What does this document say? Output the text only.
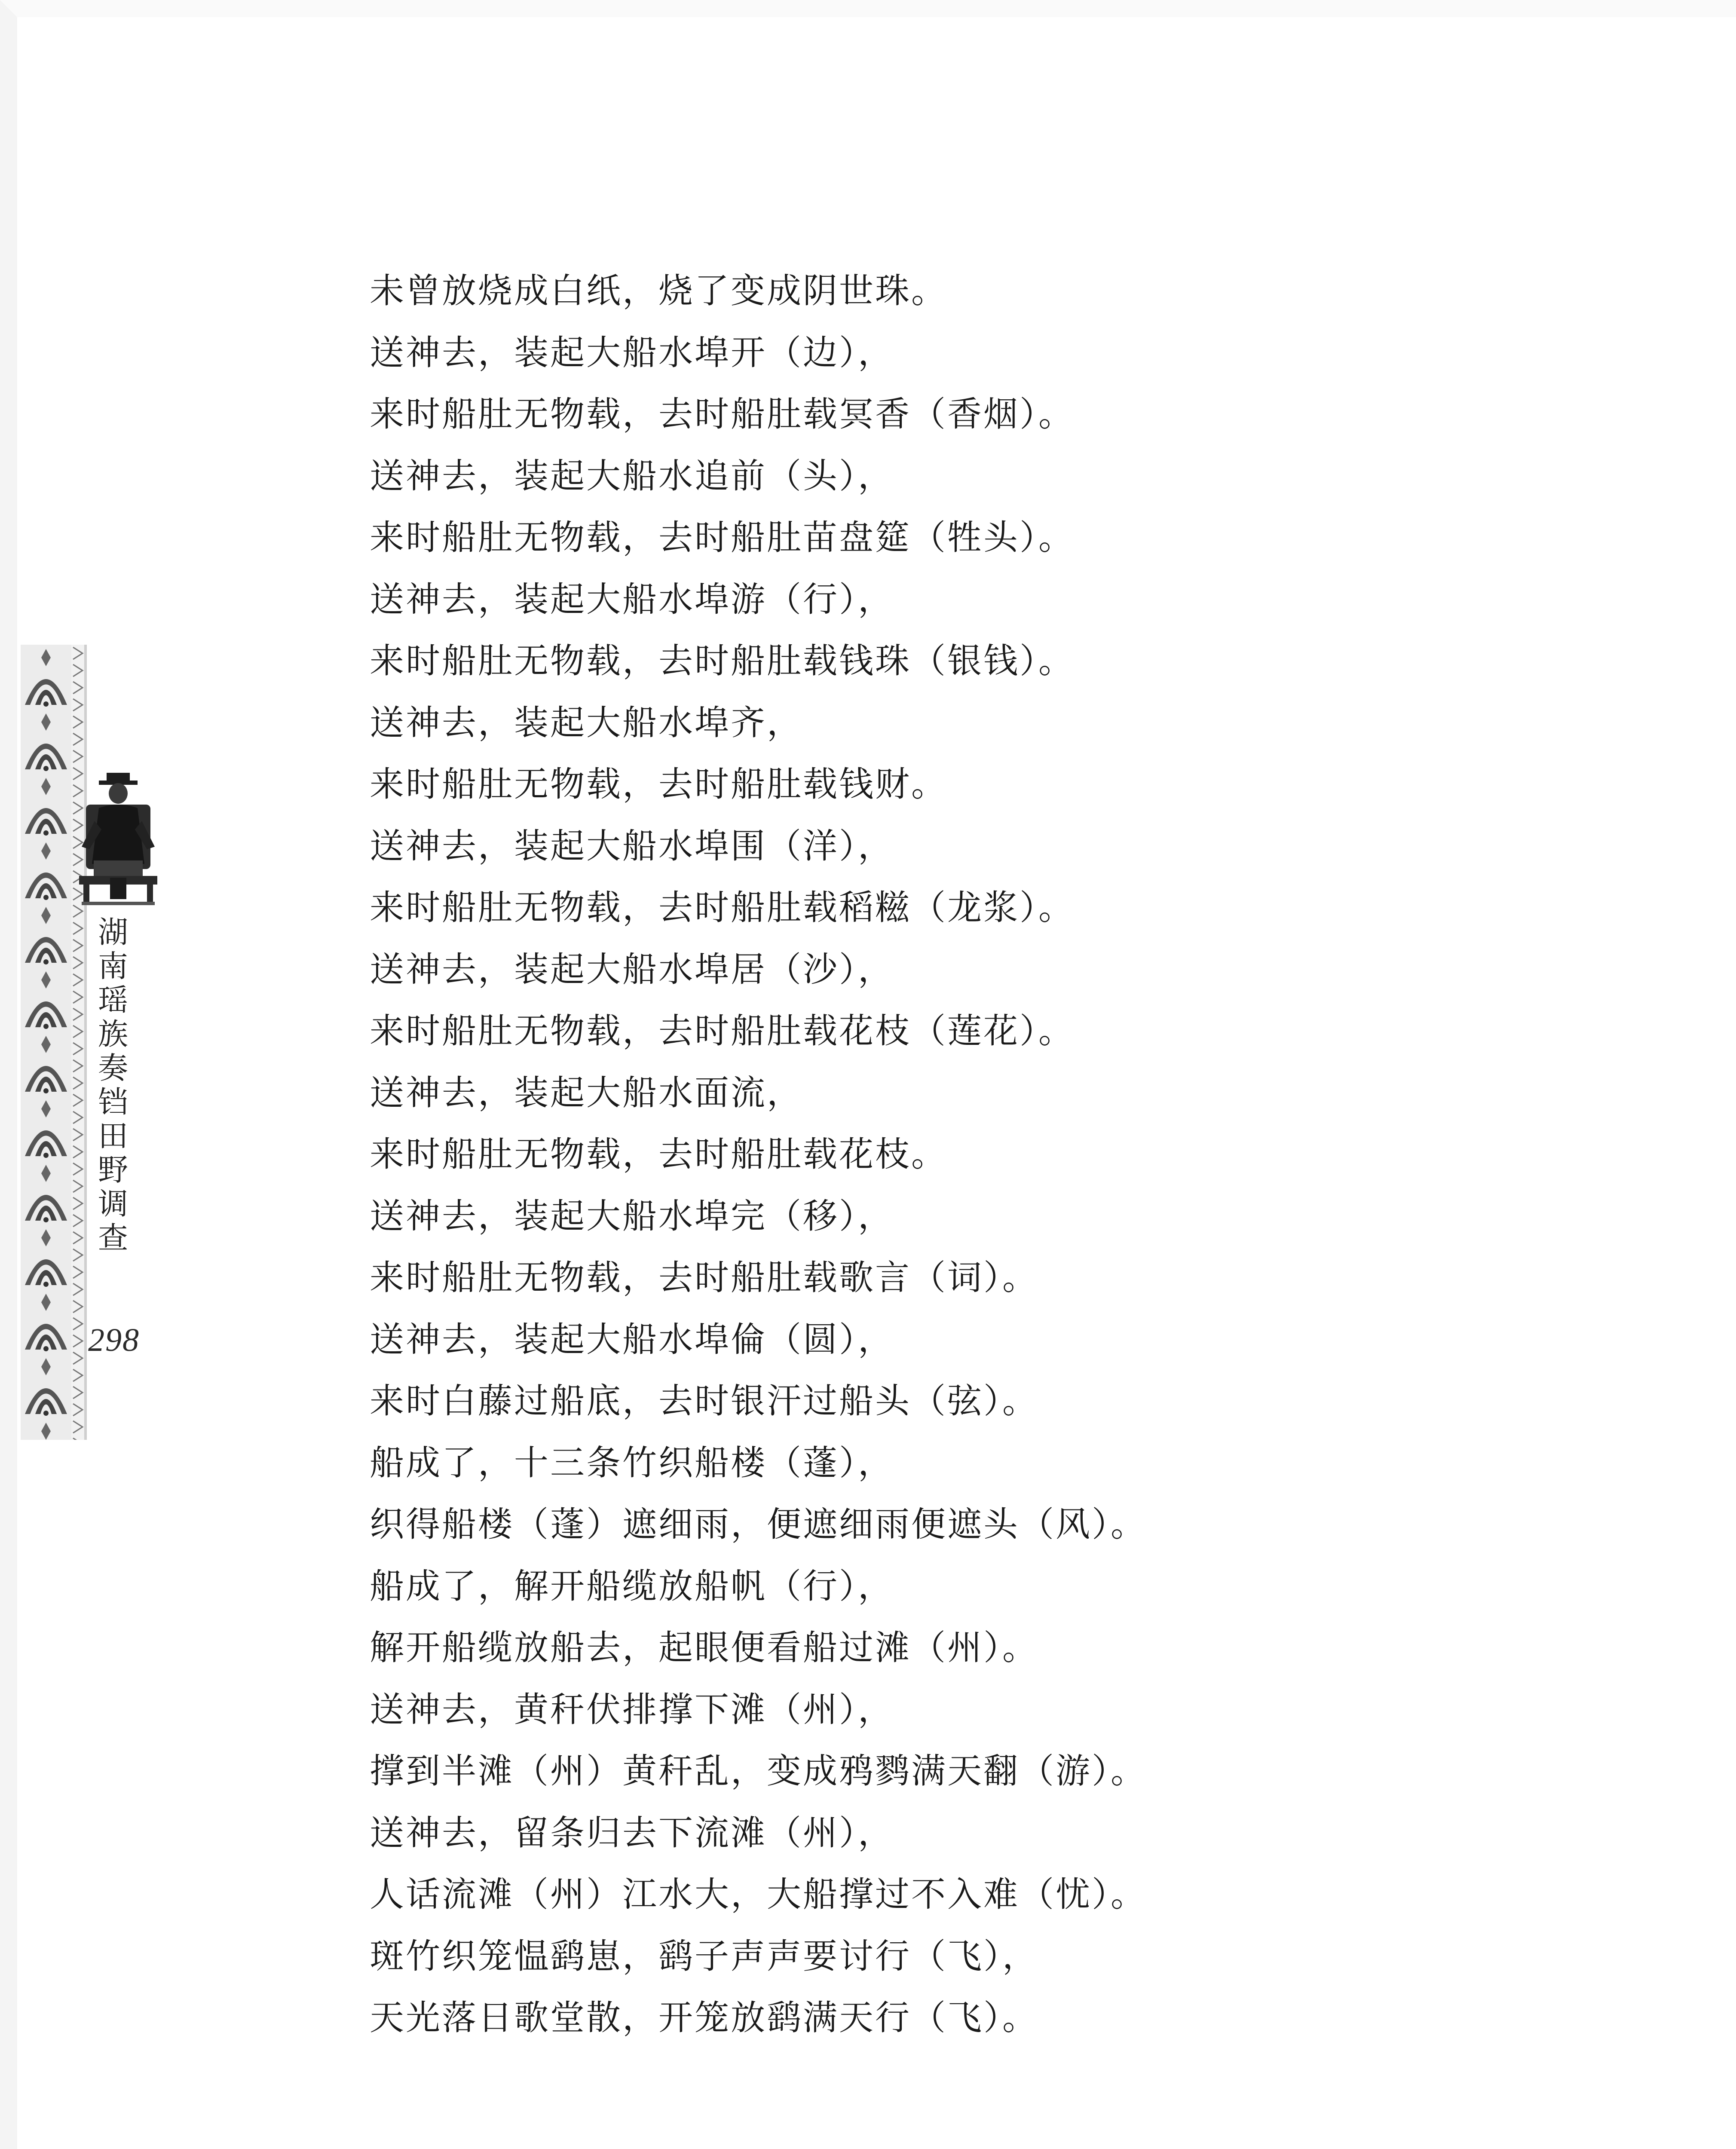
湖
南
瑶
族
奏
铛
田
野
调
查
298
未曾放烧成白纸，烧了变成阴世珠。
送神去，装起大船水埠开（边），
来时船肚无物载，去时船肚载冥香（香烟）。
送神去，装起大船水追前（头），
来时船肚无物载，去时船肚苗盘筵（牲头）。
送神去，装起大船水埠游（行），
来时船肚无物载，去时船肚载钱珠（银钱）。
送神去，装起大船水埠齐，
来时船肚无物载，去时船肚载钱财。
送神去，装起大船水埠围（洋），
来时船肚无物载，去时船肚载稻糍（龙浆）。
送神去，装起大船水埠居（沙），
来时船肚无物载，去时船肚载花枝（莲花）。
送神去，装起大船水面流，
来时船肚无物载，去时船肚载花枝。
送神去，装起大船水埠完（移），
来时船肚无物载，去时船肚载歌言（词）。
送神去，装起大船水埠倫（圆），
来时白藤过船底，去时银汗过船头（弦）。
船成了，十三条竹织船楼（蓬），
织得船楼（蓬）遮细雨，便遮细雨便遮头（风）。
船成了，解开船缆放船帆（行），
解开船缆放船去，起眼便看船过滩（州）。
送神去，黄秆伏排撑下滩（州），
撑到半滩（州）黄秆乱，变成鸦鹨满天翻（游）。
送神去，留条归去下流滩（州），
人话流滩（州）江水大，大船撑过不入难（忧）。
斑竹织笼愠鹞崽，鹞子声声要讨行（飞），
天光落日歌堂散，开笼放鹞满天行（飞）。
